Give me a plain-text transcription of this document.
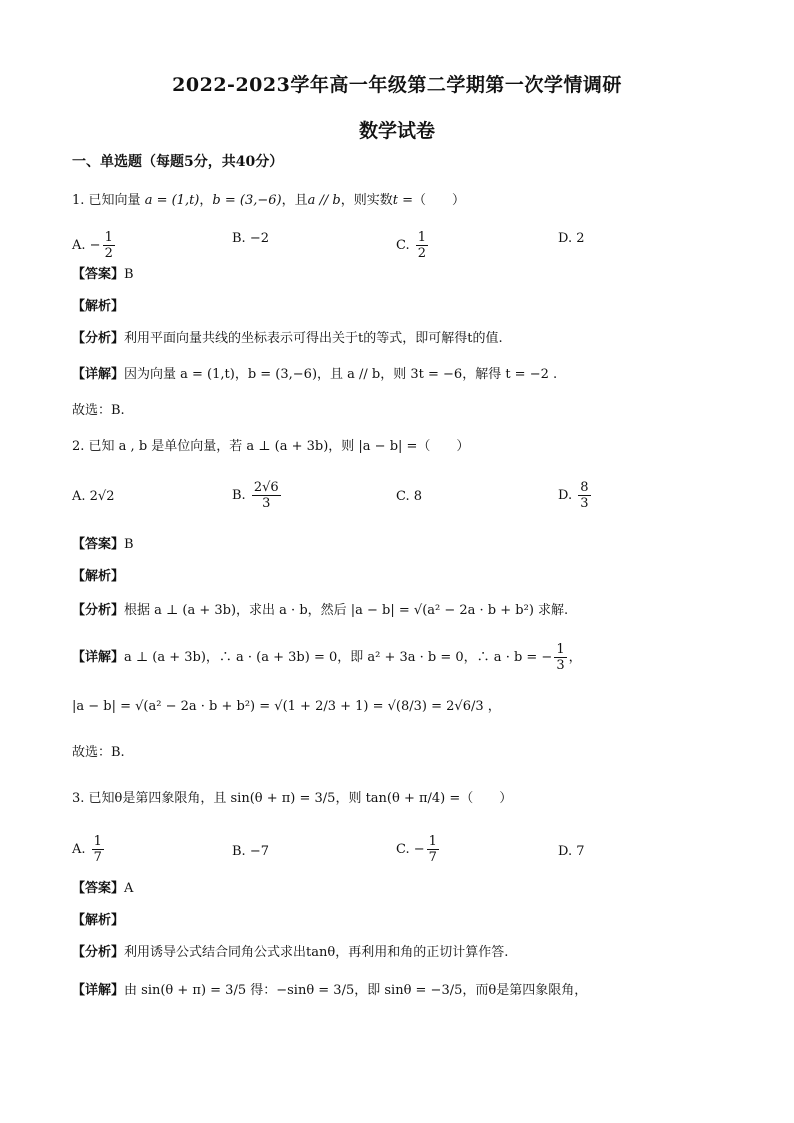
2022-2023学年高一年级第二学期第一次学情调研
数学试卷
一、单选题（每题5分，共40分）
1. 已知向量 a = (1,t)，b = (3,−6)，且a // b，则实数t =（　　）
A. − $\frac{1}{2}$	B. −2	C. $\frac{1}{2}$	D. 2
【答案】B
【解析】
【分析】利用平面向量共线的坐标表示可得出关于t的等式，即可解得t的值.
【详解】因为向量 a = (1,t)，b = (3,−6)，且 a // b，则 3t = −6，解得 t = −2 .
故选：B.
2. 已知 a , b 是单位向量，若 a ⊥ (a + 3b)，则 |a − b| =（　　）
A. 2√2	B. $\frac{2√6}{3}$	C. 8	D. $\frac{8}{3}$
【答案】B
【解析】
【分析】根据 a ⊥ (a + 3b)，求出 a · b，然后 |a − b| = √(a² − 2a · b + b²) 求解.
【详解】a ⊥ (a + 3b)，∴ a · (a + 3b) = 0，即 a² + 3a · b = 0，∴ a · b = − $\frac{1}{3}$ ，
|a − b| = √(a² − 2a · b + b²) = √(1 + 2/3 + 1) = √(8/3) = 2√6/3 ，
故选：B.
3. 已知θ是第四象限角，且 sin(θ + π) = 3/5，则 tan(θ + π/4) =（　　）
A. $\frac{1}{7}$	B. −7	C. − $\frac{1}{7}$	D. 7
【答案】A
【解析】
【分析】利用诱导公式结合同角公式求出tanθ，再利用和角的正切计算作答.
【详解】由 sin(θ + π) = 3/5 得：−sinθ = 3/5，即 sinθ = −3/5，而θ是第四象限角，
